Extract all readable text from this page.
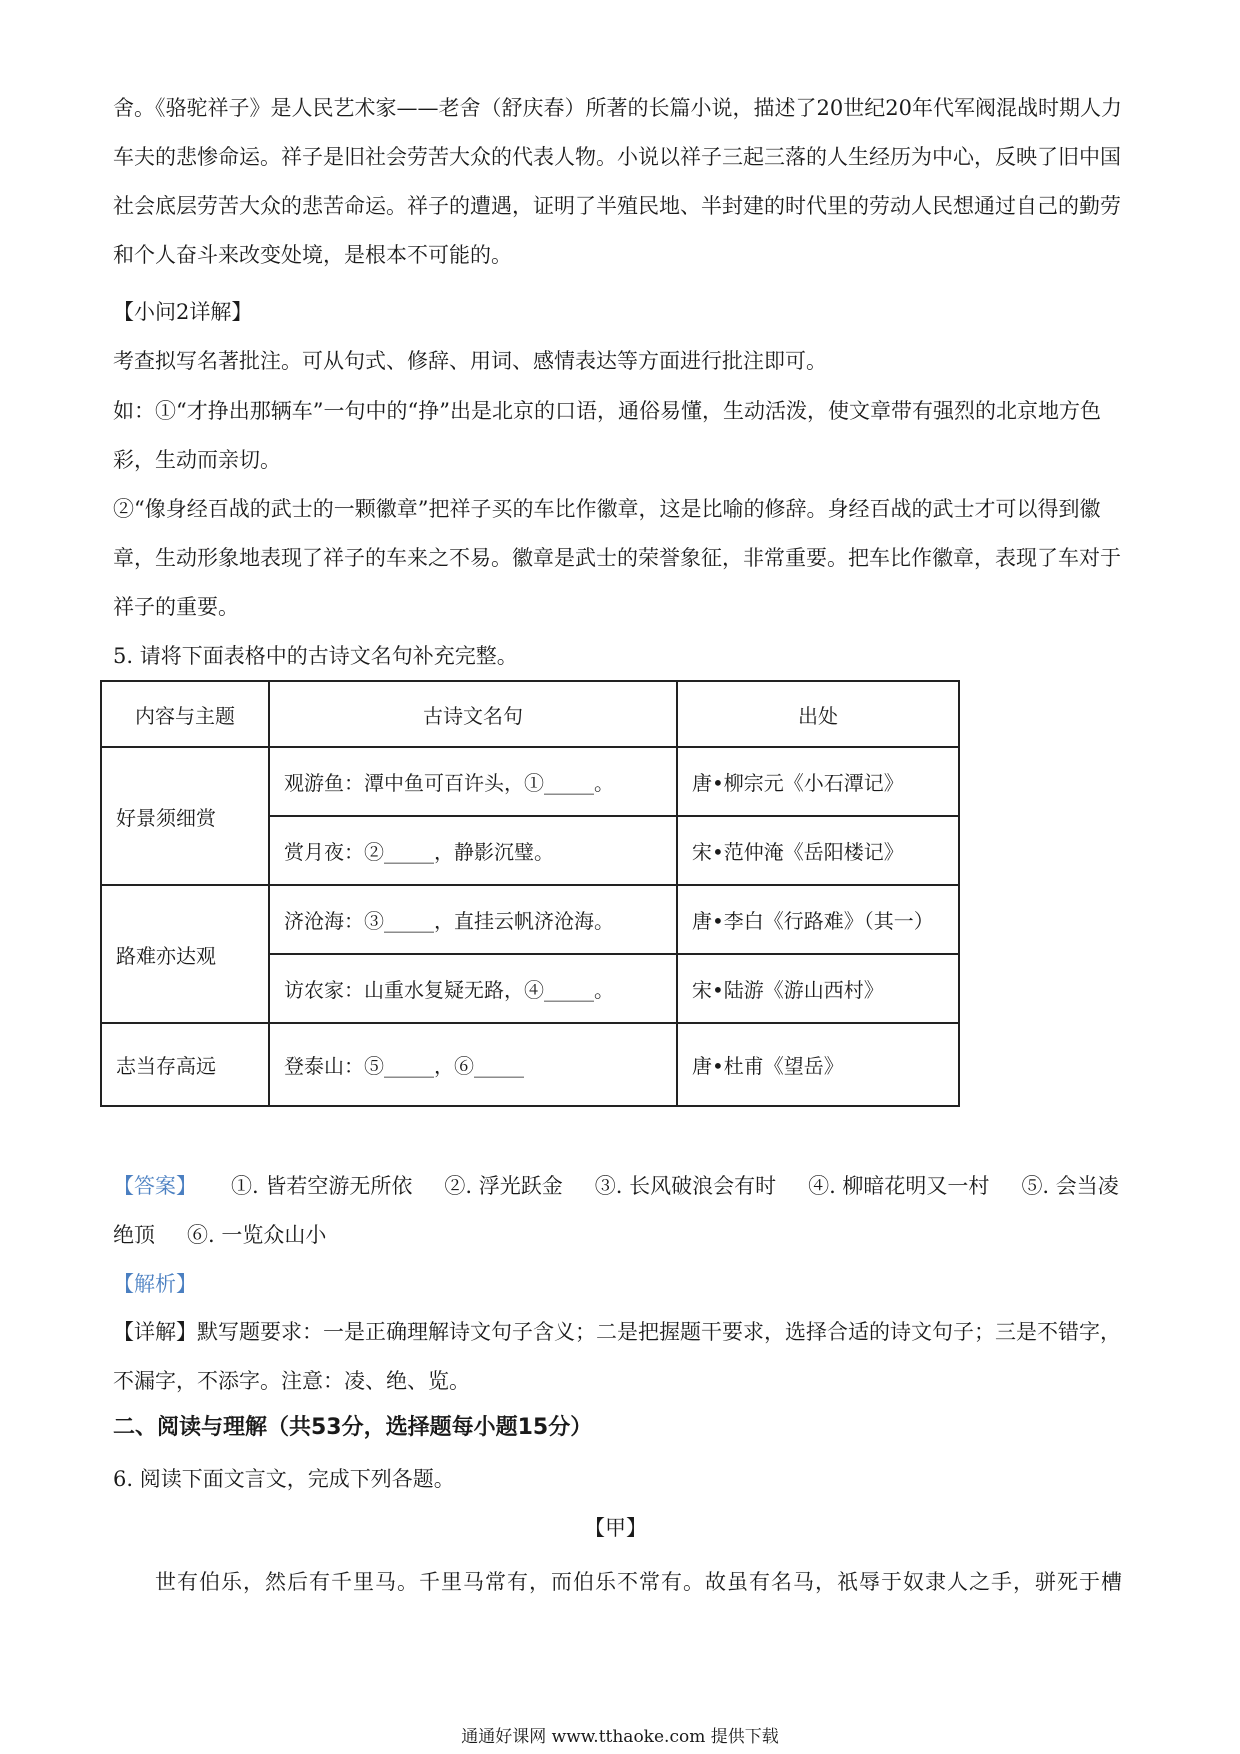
舍。《骆驼祥子》是人民艺术家——老舍（舒庆春）所著的长篇小说，描述了20世纪20年代军阀混战时期人力车夫的悲惨命运。祥子是旧社会劳苦大众的代表人物。小说以祥子三起三落的人生经历为中心，反映了旧中国社会底层劳苦大众的悲苦命运。祥子的遭遇，证明了半殖民地、半封建的时代里的劳动人民想通过自己的勤劳和个人奋斗来改变处境，是根本不可能的。

【小问2详解】
考查拟写名著批注。可从句式、修辞、用词、感情表达等方面进行批注即可。

如：①“才挣出那辆车”一句中的“挣”出是北京的口语，通俗易懂，生动活泼，使文章带有强烈的北京地方色彩，生动而亲切。

②“像身经百战的武士的一颗徽章”把祥子买的车比作徽章，这是比喻的修辞。身经百战的武士才可以得到徽章，生动形象地表现了祥子的车来之不易。徽章是武士的荣誉象征，非常重要。把车比作徽章，表现了车对于祥子的重要。

5. 请将下面表格中的古诗文名句补充完整。
内容与主题	古诗文名句	出处
好景须细赏	观游鱼：潭中鱼可百许头，①_____。	唐•柳宗元《小石潭记》
	赏月夜：②_____，静影沉璧。	宋•范仲淹《岳阳楼记》
路难亦达观	济沧海：③_____，直挂云帆济沧海。	唐•李白《行路难》（其一）
	访农家：山重水复疑无路，④_____。	宋•陆游《游山西村》
志当存高远	登泰山：⑤_____，⑥_____	唐•杜甫《望岳》
【答案】 ①. 皆若空游无所依 ②. 浮光跃金 ③. 长风破浪会有时 ④. 柳暗花明又一村 ⑤. 会当凌绝顶 ⑥. 一览众山小
【解析】

【详解】默写题要求：一是正确理解诗文句子含义；二是把握题干要求，选择合适的诗文句子；三是不错字，不漏字，不添字。注意：凌、绝、览。

二、阅读与理解（共53分，选择题每小题15分）
6. 阅读下面文言文，完成下列各题。
【甲】
世有伯乐，然后有千里马。千里马常有，而伯乐不常有。故虽有名马，祇辱于奴隶人之手，骈死于槽
通通好课网 www.tthaoke.com 提供下载
